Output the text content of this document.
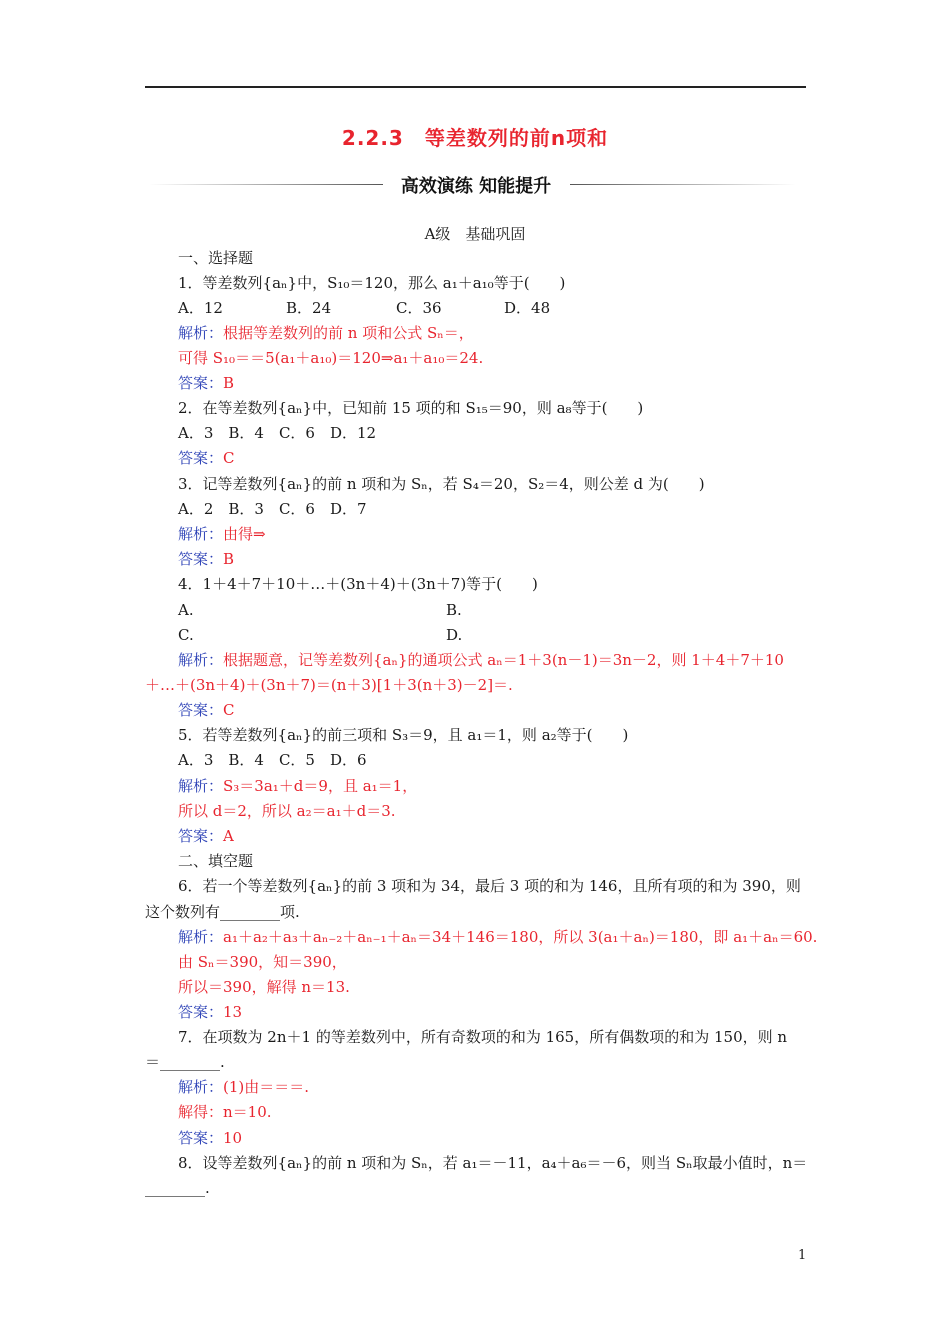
2.2.3　等差数列的前n项和
高效演练 知能提升
A级　基础巩固
一、选择题
1．等差数列{aₙ}中，S₁₀＝120，那么 a₁＋a₁₀等于(　　)
A．12	B．24	C．36	D．48
解析：根据等差数列的前 n 项和公式 Sₙ＝，
可得 S₁₀＝＝5(a₁＋a₁₀)＝120⇒a₁＋a₁₀＝24.
答案：B
2．在等差数列{aₙ}中，已知前 15 项的和 S₁₅＝90，则 a₈等于(　　)
A．3　B．4　C．6　D．12
答案：C
3．记等差数列{aₙ}的前 n 项和为 Sₙ，若 S₄＝20，S₂＝4，则公差 d 为(　　)
A．2　B．3　C．6　D．7
解析：由得⇒
答案：B
4．1＋4＋7＋10＋…＋(3n＋4)＋(3n＋7)等于(　　)
A.	B.
C.	D.
解析：根据题意，记等差数列{aₙ}的通项公式 aₙ＝1＋3(n－1)＝3n－2，则 1＋4＋7＋10
＋…＋(3n＋4)＋(3n＋7)＝(n＋3)[1＋3(n＋3)－2]＝.
答案：C
5．若等差数列{aₙ}的前三项和 S₃＝9，且 a₁＝1，则 a₂等于(　　)
A．3　B．4　C．5　D．6
解析：S₃＝3a₁＋d＝9，且 a₁＝1，
所以 d＝2，所以 a₂＝a₁＋d＝3.
答案：A
二、填空题
6．若一个等差数列{aₙ}的前 3 项和为 34，最后 3 项的和为 146，且所有项的和为 390，则
这个数列有________项.
解析：a₁＋a₂＋a₃＋aₙ₋₂＋aₙ₋₁＋aₙ＝34＋146＝180，所以 3(a₁＋aₙ)＝180，即 a₁＋aₙ＝60.
由 Sₙ＝390，知＝390，
所以＝390，解得 n＝13.
答案：13
7．在项数为 2n＋1 的等差数列中，所有奇数项的和为 165，所有偶数项的和为 150，则 n
＝________.
解析：(1)由＝＝＝.
解得：n＝10.
答案：10
8．设等差数列{aₙ}的前 n 项和为 Sₙ，若 a₁＝－11，a₄＋a₆＝－6，则当 Sₙ取最小值时，n＝
________.
1
